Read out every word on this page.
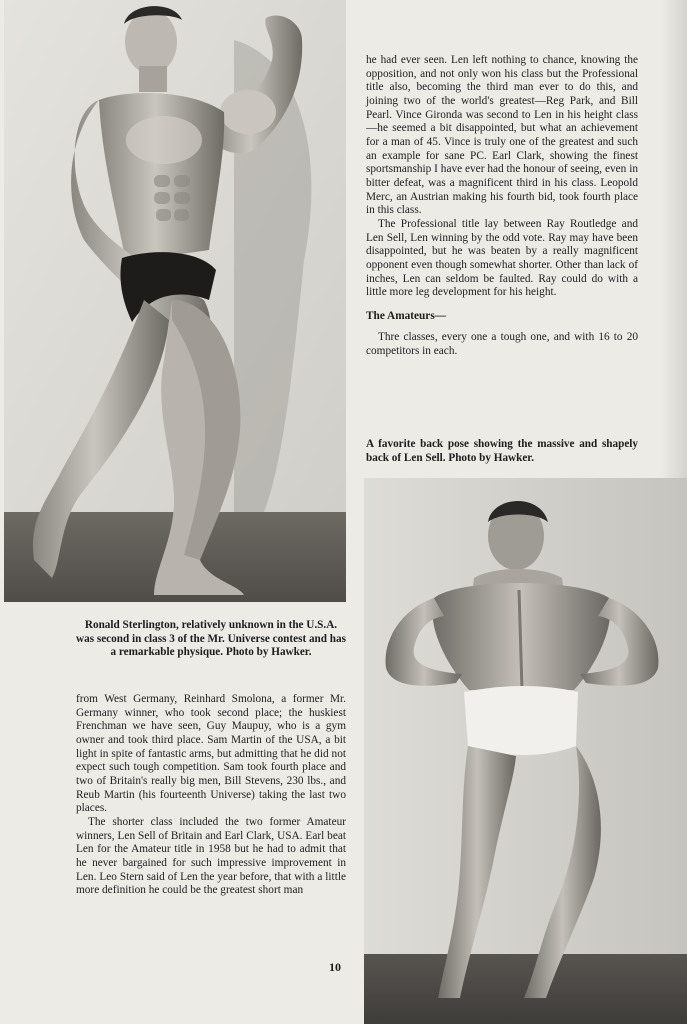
Ronald Sterlington, relatively unknown in the U.S.A. was second in class 3 of the Mr. Universe contest and has a remarkable physique. Photo by Hawker.

from West Germany, Reinhard Smolona, a former Mr. Germany winner, who took second place; the huskiest Frenchman we have seen, Guy Maupuy, who is a gym owner and took third place. Sam Martin of the USA, a bit light in spite of fantastic arms, but admitting that he did not expect such tough competition. Sam took fourth place and two of Britain's really big men, Bill Stevens, 230 lbs., and Reub Martin (his fourteenth Universe) taking the last two places.

The shorter class included the two former Amateur winners, Len Sell of Britain and Earl Clark, USA. Earl beat Len for the Amateur title in 1958 but he had to admit that he never bargained for such impressive improvement in Len. Leo Stern said of Len the year before, that with a little more definition he could be the greatest short man

he had ever seen. Len left nothing to chance, knowing the opposition, and not only won his class but the Professional title also, becoming the third man ever to do this, and joining two of the world's greatest—Reg Park, and Bill Pearl. Vince Gironda was second to Len in his height class—he seemed a bit disappointed, but what an achievement for a man of 45. Vince is truly one of the greatest and such an example for sane PC. Earl Clark, showing the finest sportsmanship I have ever had the honour of seeing, even in bitter defeat, was a magnificent third in his class. Leopold Merc, an Austrian making his fourth bid, took fourth place in this class.

The Professional title lay between Ray Routledge and Len Sell, Len winning by the odd vote. Ray may have been disappointed, but he was beaten by a really magnificent opponent even though somewhat shorter. Other than lack of inches, Len can seldom be faulted. Ray could do with a little more leg development for his height.

The Amateurs—

Thre classes, every one a tough one, and with 16 to 20 competitors in each.

A favorite back pose showing the massive and shapely back of Len Sell. Photo by Hawker.
10
